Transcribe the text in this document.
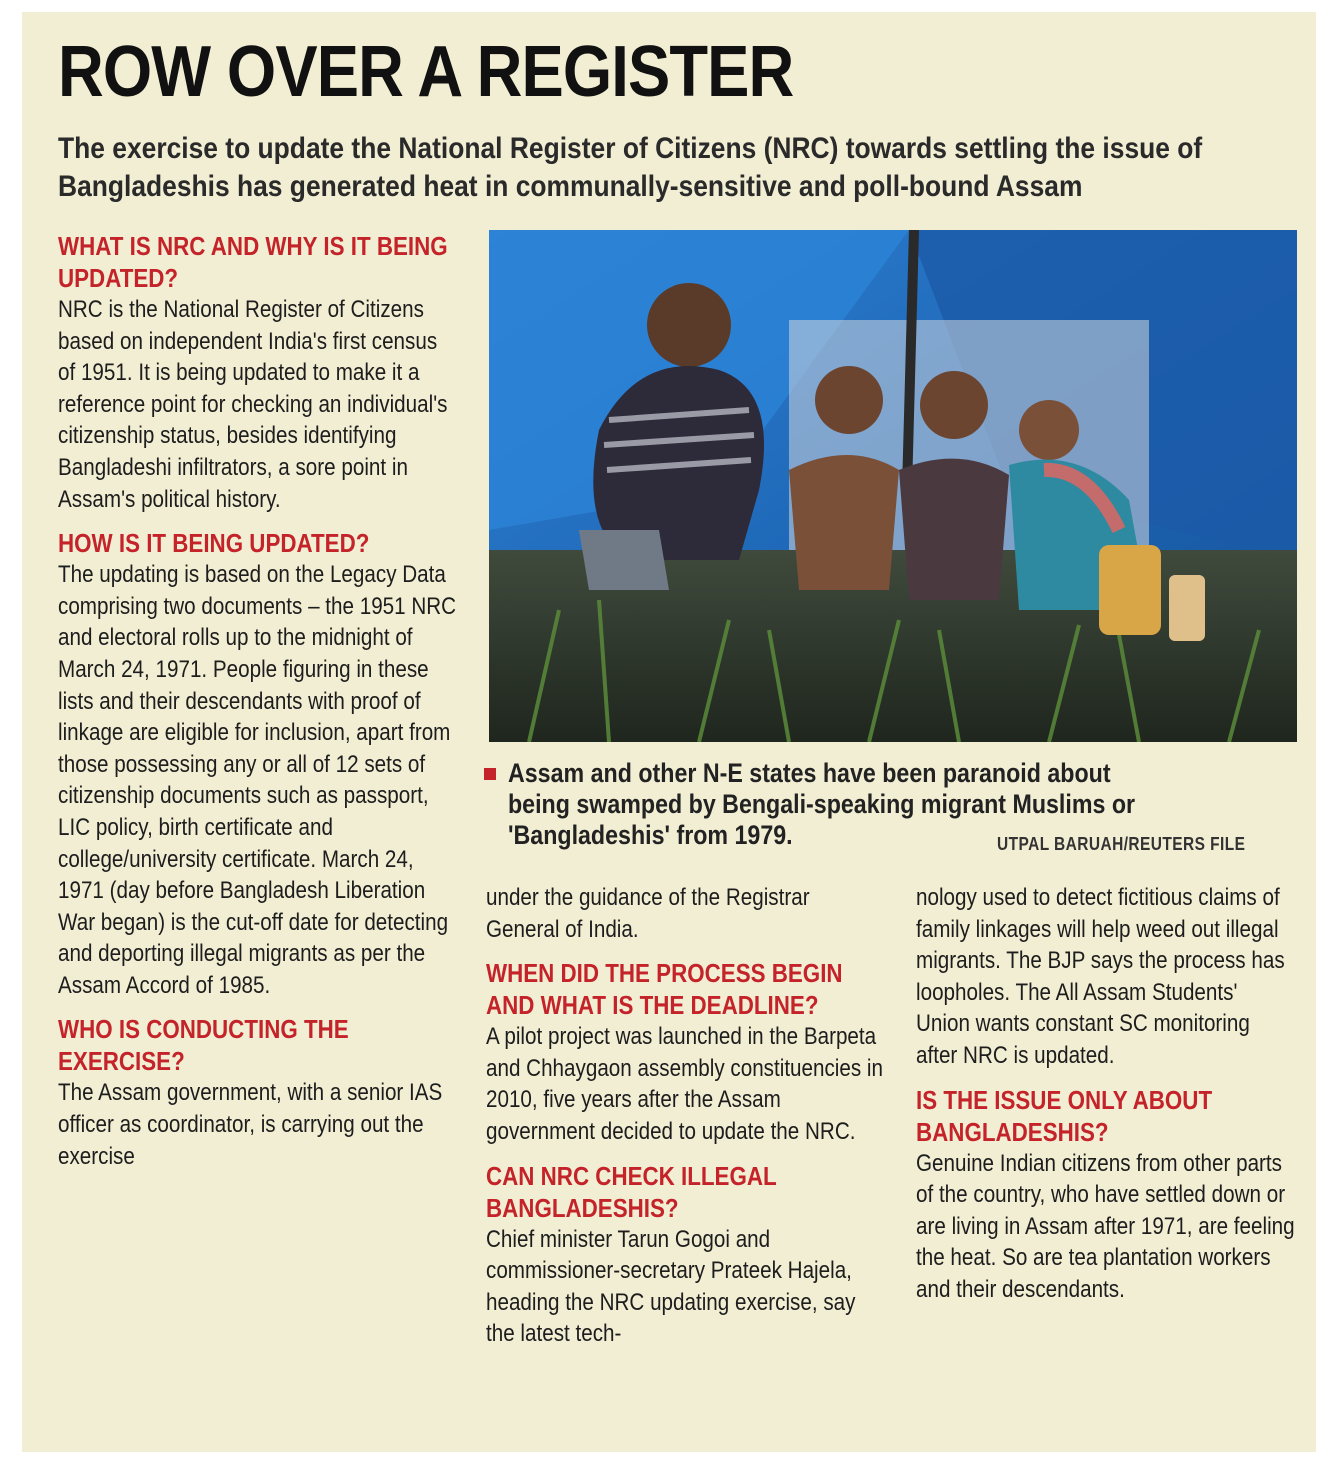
ROW OVER A REGISTER

The exercise to update the National Register of Citizens (NRC) towards settling the issue of Bangladeshis has generated heat in communally-sensitive and poll-bound Assam

WHAT IS NRC AND WHY IS IT BEING UPDATED?

NRC is the National Register of Citizens based on independent India's first census of 1951. It is being updated to make it a reference point for checking an individual's citizenship status, besides identifying Bangladeshi infiltrators, a sore point in Assam's political history.

HOW IS IT BEING UPDATED?

The updating is based on the Legacy Data comprising two documents – the 1951 NRC and electoral rolls up to the midnight of March 24, 1971. People figuring in these lists and their descendants with proof of linkage are eligible for inclusion, apart from those possessing any or all of 12 sets of citizenship documents such as passport, LIC policy, birth certificate and college/university certificate. March 24, 1971 (day before Bangladesh Liberation War began) is the cut-off date for detecting and deporting illegal migrants as per the Assam Accord of 1985.

WHO IS CONDUCTING THE EXERCISE?

The Assam government, with a senior IAS officer as coordinator, is carrying out the exercise

Assam and other N-E states have been paranoid about being swamped by Bengali-speaking migrant Muslims or 'Bangladeshis' from 1979.	UTPAL BARUAH/REUTERS FILE

under the guidance of the Registrar General of India.

WHEN DID THE PROCESS BEGIN AND WHAT IS THE DEADLINE?

A pilot project was launched in the Barpeta and Chhaygaon assembly constituencies in 2010, five years after the Assam government decided to update the NRC.

CAN NRC CHECK ILLEGAL BANGLADESHIS?

Chief minister Tarun Gogoi and commissioner-secretary Prateek Hajela, heading the NRC updating exercise, say the latest tech-

nology used to detect fictitious claims of family linkages will help weed out illegal migrants. The BJP says the process has loopholes. The All Assam Students' Union wants constant SC monitoring after NRC is updated.

IS THE ISSUE ONLY ABOUT BANGLADESHIS?

Genuine Indian citizens from other parts of the country, who have settled down or are living in Assam after 1971, are feeling the heat. So are tea plantation workers and their descendants.
